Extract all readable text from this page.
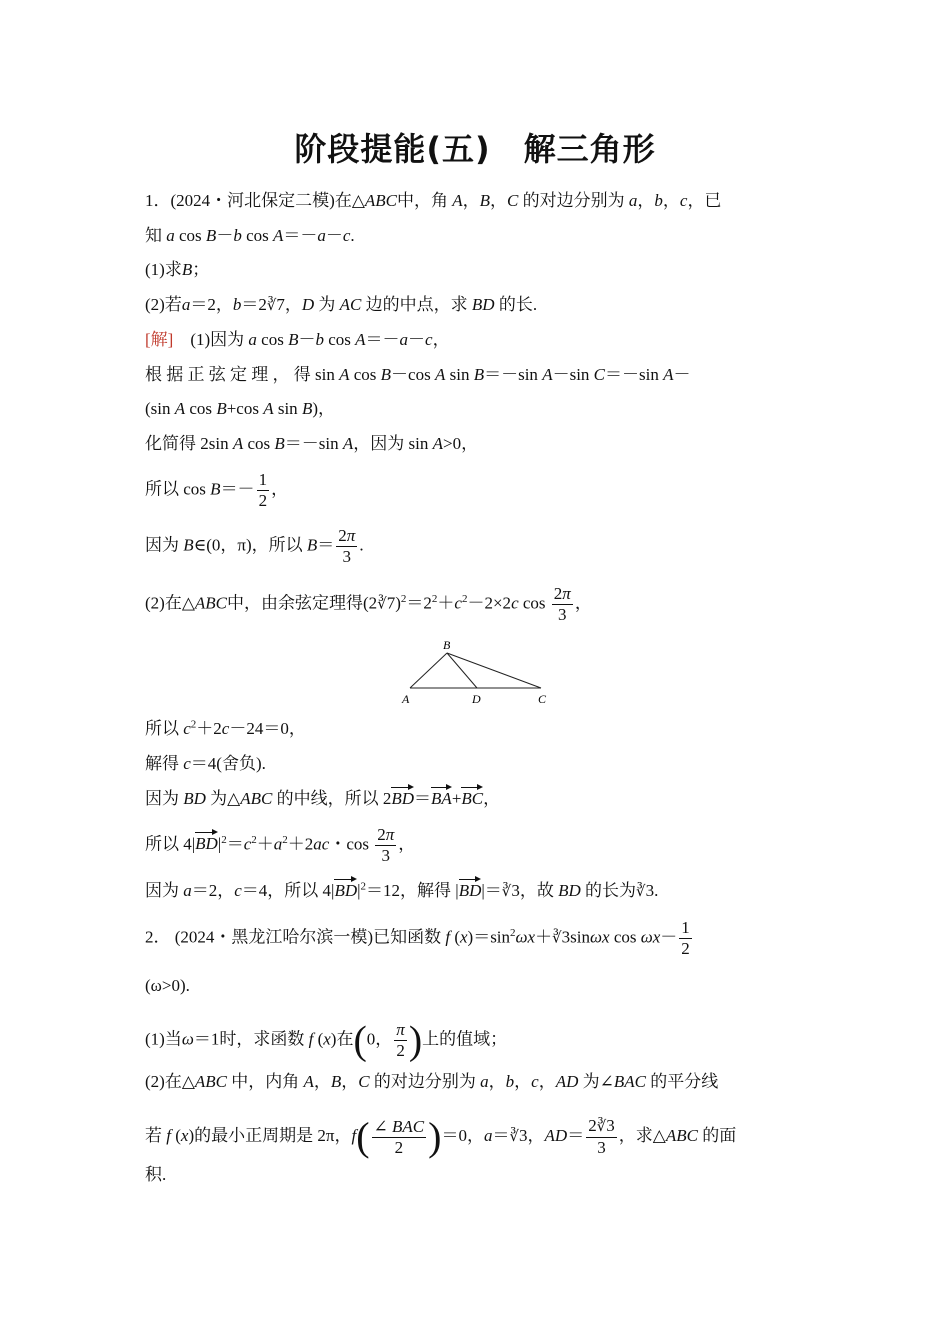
阶段提能(五)　解三角形
1．(2024・河北保定二模)在△ABC中，角 A，B，C 的对边分别为 a，b，c，已
知 a cos B－b cos A＝－a－c.
(1)求B；
(2)若a＝2，b＝2∛7，D 为 AC 边的中点，求 BD 的长.
[解]　 (1)因为 a cos B－b cos A＝－a－c，
根 据 正 弦 定 理 ， 得 sin A cos B－cos A sin B＝－sin A－sin C＝－sin A－
(sin A cos B+cos A sin B)，
化简得 2sin A cos B＝－sin A，因为 sin A>0，
所以 $\cos B=- \frac{1}{2}$ ，
因为 B∈(0，π)，所以 $B= \frac{2\pi}{3}$ .
(2)在△ABC中，由余弦定理得$(2∛7)^2=2^2+c^2-2\times 2c$ $\cos \frac{2\pi}{3}$ ，
B
A	D	C
所以 $c^2+2c-24=0$，
解得 c＝4(舍负).
因为 BD 为△ABC 的中线，所以 2BD＝BA+BC，
所以 $4|BD|^2=c^2+a^2+2ac$・$\cos \frac{2\pi}{3}$ ，
因为 a＝2，c＝4，所以 $4|BD|^2=12$，解得 |BD|＝∛3，故 BD 的长为∛3.
2． (2024・黑龙江哈尔滨一模)已知函数 f $(x)=\sin^2\omega x+∛3\sin\omega x$ $\cos \omega x- \frac{1}{2}$
(ω>0).
(1)当ω＝1时，求函数 f (x)在(0， $\frac{\pi}{2}$ )上的值域；
(2)在△ABC 中，内角 A，B，C 的对边分别为 a，b，c，AD 为∠BAC 的平分线
若 f (x)的最小正周期是 2π，$f( \frac{\text{∠ BAC}}{2} )=0$，a＝∛3，$AD= \frac{2∛3}{3}$ ，求△ABC 的面
积.
